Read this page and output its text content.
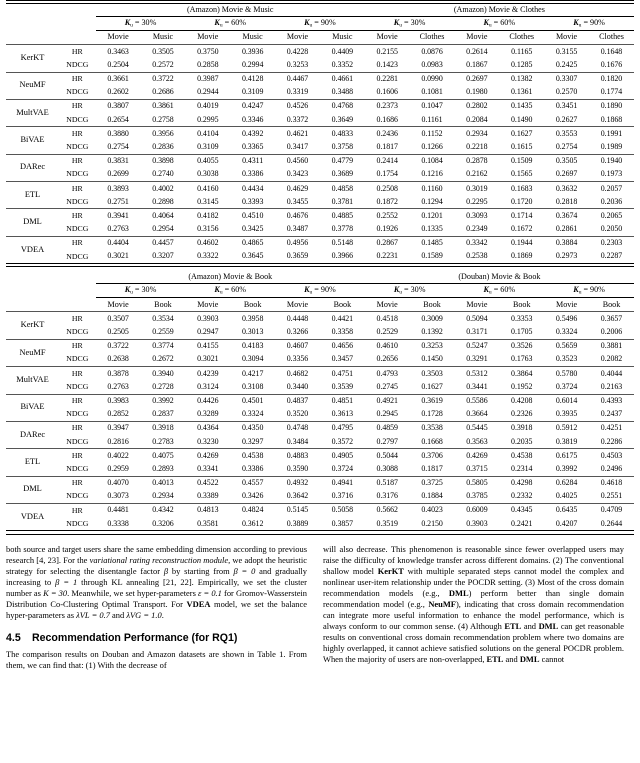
		(Amazon) Movie & Music						(Amazon) Movie & Clothes					
		$K_u = 30\%$		$K_u = 60\%$		$K_u = 90\%$		$K_u = 30\%$		$K_u = 60\%$		$K_u = 90\%$	
		Movie	Music	Movie	Music	Movie	Music	Movie	Clothes	Movie	Clothes	Movie	Clothes
KerKT	HR	0.3463	0.3505	0.3750	0.3936	0.4228	0.4409	0.2155	0.0876	0.2614	0.1165	0.3155	0.1648
	NDCG	0.2504	0.2572	0.2858	0.2994	0.3253	0.3352	0.1423	0.0983	0.1867	0.1285	0.2425	0.1676
NeuMF	HR	0.3661	0.3722	0.3987	0.4128	0.4467	0.4661	0.2281	0.0990	0.2697	0.1382	0.3307	0.1820
	NDCG	0.2602	0.2686	0.2944	0.3109	0.3319	0.3488	0.1606	0.1081	0.1980	0.1361	0.2570	0.1774
MultVAE	HR	0.3807	0.3861	0.4019	0.4247	0.4526	0.4768	0.2373	0.1047	0.2802	0.1435	0.3451	0.1890
	NDCG	0.2654	0.2758	0.2995	0.3346	0.3372	0.3649	0.1686	0.1161	0.2084	0.1490	0.2627	0.1868
BiVAE	HR	0.3880	0.3956	0.4104	0.4392	0.4621	0.4833	0.2436	0.1152	0.2934	0.1627	0.3553	0.1991
	NDCG	0.2754	0.2836	0.3109	0.3365	0.3417	0.3758	0.1817	0.1266	0.2218	0.1615	0.2754	0.1989
DARec	HR	0.3831	0.3898	0.4055	0.4311	0.4560	0.4779	0.2414	0.1084	0.2878	0.1509	0.3505	0.1940
	NDCG	0.2699	0.2740	0.3038	0.3386	0.3423	0.3689	0.1754	0.1216	0.2162	0.1565	0.2697	0.1973
ETL	HR	0.3893	0.4002	0.4160	0.4434	0.4629	0.4858	0.2508	0.1160	0.3019	0.1683	0.3632	0.2057
	NDCG	0.2751	0.2898	0.3145	0.3393	0.3455	0.3781	0.1872	0.1294	0.2295	0.1720	0.2818	0.2036
DML	HR	0.3941	0.4064	0.4182	0.4510	0.4676	0.4885	0.2552	0.1201	0.3093	0.1714	0.3674	0.2065
	NDCG	0.2763	0.2954	0.3156	0.3425	0.3487	0.3778	0.1926	0.1335	0.2349	0.1672	0.2861	0.2050
VDEA	HR	0.4404	0.4457	0.4602	0.4865	0.4956	0.5148	0.2867	0.1485	0.3342	0.1944	0.3884	0.2303
	NDCG	0.3021	0.3207	0.3322	0.3645	0.3659	0.3966	0.2231	0.1589	0.2538	0.1869	0.2973	0.2287
		(Amazon) Movie & Book						(Douban) Movie & Book					
		$K_u = 30\%$		$K_u = 60\%$		$K_u = 90\%$		$K_u = 30\%$		$K_u = 60\%$		$K_u = 90\%$	
		Movie	Book	Movie	Book	Movie	Book	Movie	Book	Movie	Book	Movie	Book
KerKT	HR	0.3507	0.3534	0.3903	0.3958	0.4448	0.4421	0.4518	0.3009	0.5094	0.3353	0.5496	0.3657
	NDCG	0.2505	0.2559	0.2947	0.3013	0.3266	0.3358	0.2529	0.1392	0.3171	0.1705	0.3324	0.2006
NeuMF	HR	0.3722	0.3774	0.4155	0.4183	0.4607	0.4656	0.4610	0.3253	0.5247	0.3526	0.5659	0.3881
	NDCG	0.2638	0.2672	0.3021	0.3094	0.3356	0.3457	0.2656	0.1450	0.3291	0.1763	0.3523	0.2082
MultVAE	HR	0.3878	0.3940	0.4239	0.4217	0.4682	0.4751	0.4793	0.3503	0.5312	0.3864	0.5780	0.4044
	NDCG	0.2763	0.2728	0.3124	0.3108	0.3440	0.3539	0.2745	0.1627	0.3441	0.1952	0.3724	0.2163
BiVAE	HR	0.3983	0.3992	0.4426	0.4501	0.4837	0.4851	0.4921	0.3619	0.5586	0.4208	0.6014	0.4393
	NDCG	0.2852	0.2837	0.3289	0.3324	0.3520	0.3613	0.2945	0.1728	0.3664	0.2326	0.3935	0.2437
DARec	HR	0.3947	0.3918	0.4364	0.4350	0.4748	0.4795	0.4859	0.3538	0.5445	0.3918	0.5912	0.4251
	NDCG	0.2816	0.2783	0.3230	0.3297	0.3484	0.3572	0.2797	0.1668	0.3563	0.2035	0.3819	0.2286
ETL	HR	0.4022	0.4075	0.4269	0.4538	0.4883	0.4905	0.5044	0.3706	0.4269	0.4538	0.6175	0.4503
	NDCG	0.2959	0.2893	0.3341	0.3386	0.3590	0.3724	0.3088	0.1817	0.3715	0.2314	0.3992	0.2496
DML	HR	0.4070	0.4013	0.4522	0.4557	0.4932	0.4941	0.5187	0.3725	0.5805	0.4298	0.6284	0.4618
	NDCG	0.3073	0.2934	0.3389	0.3426	0.3642	0.3716	0.3176	0.1884	0.3785	0.2332	0.4025	0.2551
VDEA	HR	0.4481	0.4342	0.4813	0.4824	0.5145	0.5058	0.5662	0.4023	0.6009	0.4345	0.6435	0.4709
	NDCG	0.3338	0.3206	0.3581	0.3612	0.3889	0.3857	0.3519	0.2150	0.3903	0.2421	0.4207	0.2644

both source and target users share the same embedding dimension according to previous research [4, 23]. For the variational rating reconstruction module, we adopt the heuristic strategy for selecting the disentangle factor β by starting from β = 0 and gradually increasing to β = 1 through KL annealing [21, 22]. Empirically, we set the cluster number as K = 30. Meanwhile, we set hyper-parameters ε = 0.1 for Gromov-Wasserstein Distribution Co-Clustering Optimal Transport. For VDEA model, we set the balance hyper-parameters as λVL = 0.7 and λVG = 1.0.

4.5 Recommendation Performance (for RQ1)

The comparison results on Douban and Amazon datasets are shown in Table 1. From them, we can find that: (1) With the decrease of

will also decrease. This phenomenon is reasonable since fewer overlapped users may raise the difficulty of knowledge transfer across different domains. (2) The conventional shallow model KerKT with multiple separated steps cannot model the complex and nonlinear user-item relationship under the POCDR setting. (3) Most of the cross domain recommendation models (e.g., DML) perform better than single domain recommendation model (e.g., NeuMF), indicating that cross domain recommendation can integrate more useful information to enhance the model performance, which is always conform to our common sense. (4) Although ETL and DML can get reasonable results on conventional cross domain recommendation problem where two domains are highly overlapped, it cannot achieve satisfied solutions on the general POCDR problem. When the majority of users are non-overlapped, ETL and DML cannot
